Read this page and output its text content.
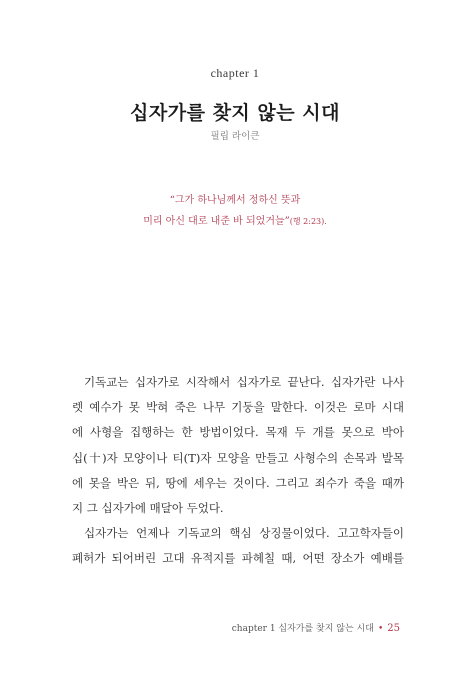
chapter 1
십자가를 찾지 않는 시대
필립 라이큰
“그가 하나님께서 정하신 뜻과
미리 아신 대로 내준 바 되었거늘”(행 2:23).
기독교는 십자가로 시작해서 십자가로 끝난다. 십자가란 나사
렛 예수가 못 박혀 죽은 나무 기둥을 말한다. 이것은 로마 시대
에 사형을 집행하는 한 방법이었다. 목재 두 개를 못으로 박아
십(十)자 모양이나 티(T)자 모양을 만들고 사형수의 손목과 발목
에 못을 박은 뒤, 땅에 세우는 것이다. 그리고 죄수가 죽을 때까
지 그 십자가에 매달아 두었다.
십자가는 언제나 기독교의 핵심 상징물이었다. 고고학자들이
폐허가 되어버린 고대 유적지를 파헤칠 때, 어떤 장소가 예배를
chapter 1 십자가를 찾지 않는 시대 • 25
